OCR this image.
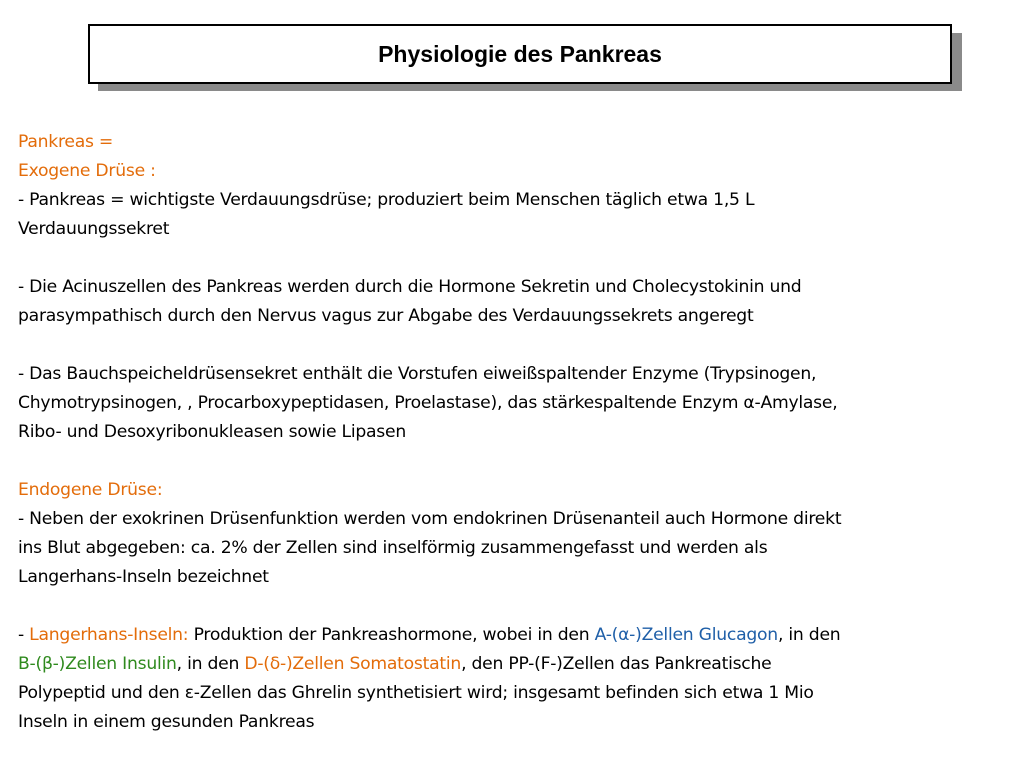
Physiologie des Pankreas
Pankreas =
Exogene Drüse :
- Pankreas = wichtigste Verdauungsdrüse; produziert beim Menschen täglich etwa 1,5 L
Verdauungssekret
- Die Acinuszellen des Pankreas werden durch die Hormone Sekretin und Cholecystokinin und
parasympathisch durch den Nervus vagus zur Abgabe des Verdauungssekrets angeregt
- Das Bauchspeicheldrüsensekret enthält die Vorstufen eiweißspaltender Enzyme (Trypsinogen,
Chymotrypsinogen, , Procarboxypeptidasen, Proelastase), das stärkespaltende Enzym α-Amylase,
Ribo- und Desoxyribonukleasen sowie Lipasen
Endogene Drüse:
- Neben der exokrinen Drüsenfunktion werden vom endokrinen Drüsenanteil auch Hormone direkt
ins Blut abgegeben: ca. 2% der Zellen sind inselförmig zusammengefasst und werden als
Langerhans-Inseln bezeichnet
- Langerhans-Inseln: Produktion der Pankreashormone, wobei in den A-(α-)Zellen Glucagon, in den
B-(β-)Zellen Insulin, in den D-(δ-)Zellen Somatostatin, den PP-(F-)Zellen das Pankreatische
Polypeptid und den ε-Zellen das Ghrelin synthetisiert wird; insgesamt befinden sich etwa 1 Mio
Inseln in einem gesunden Pankreas
